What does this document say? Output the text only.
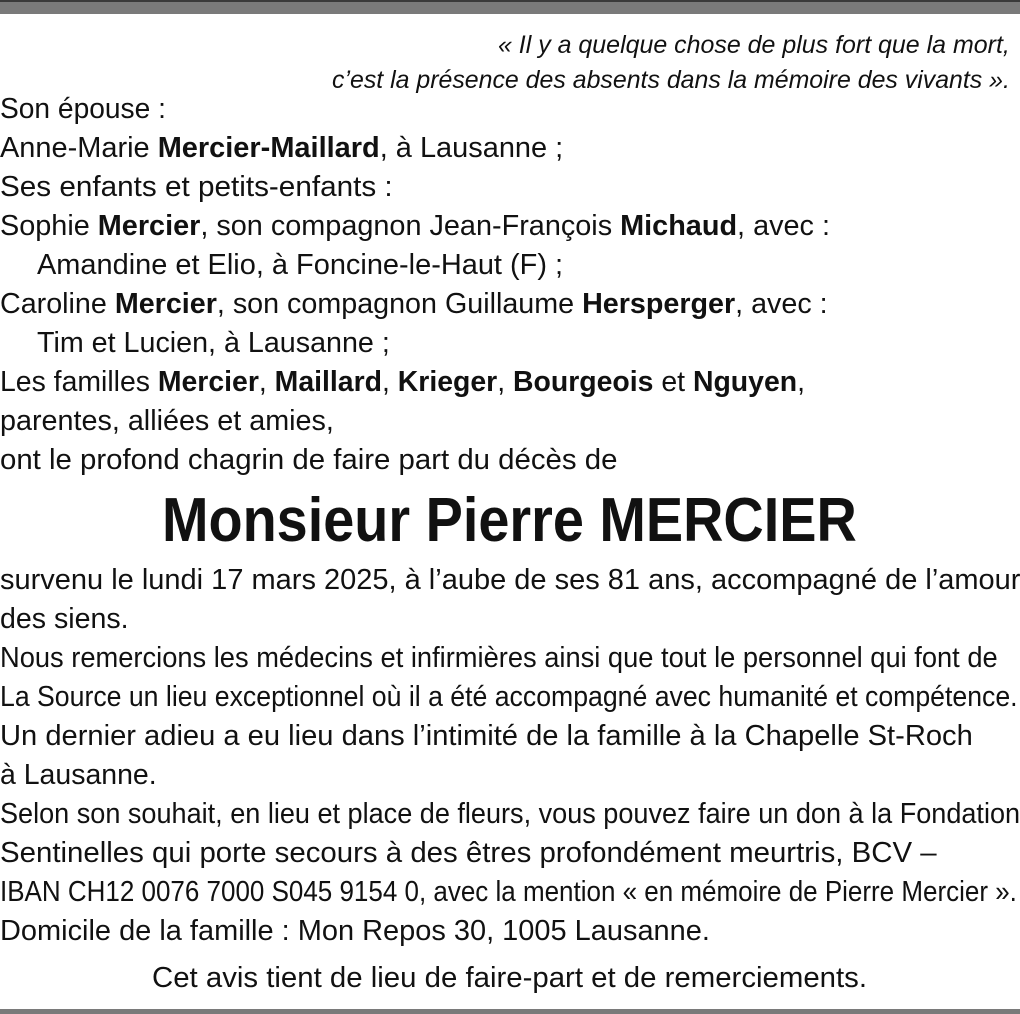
« Il y a quelque chose de plus fort que la mort,
c’est la présence des absents dans la mémoire des vivants ».
Son épouse :
Anne-Marie Mercier-Maillard, à Lausanne ;
Ses enfants et petits-enfants :
Sophie Mercier, son compagnon Jean-François Michaud, avec :
Amandine et Elio, à Foncine-le-Haut (F) ;
Caroline Mercier, son compagnon Guillaume Hersperger, avec :
Tim et Lucien, à Lausanne ;
Les familles Mercier, Maillard, Krieger, Bourgeois et Nguyen,
parentes, alliées et amies,
ont le profond chagrin de faire part du décès de
Monsieur Pierre MERCIER
survenu le lundi 17 mars 2025, à l’aube de ses 81 ans, accompagné de l’amour
des siens.
Nous remercions les médecins et infirmières ainsi que tout le personnel qui font de
La Source un lieu exceptionnel où il a été accompagné avec humanité et compétence.
Un dernier adieu a eu lieu dans l’intimité de la famille à la Chapelle St-Roch
à Lausanne.
Selon son souhait, en lieu et place de fleurs, vous pouvez faire un don à la Fondation
Sentinelles qui porte secours à des êtres profondément meurtris, BCV –
IBAN CH12 0076 7000 S045 9154 0, avec la mention « en mémoire de Pierre Mercier ».
Domicile de la famille : Mon Repos 30, 1005 Lausanne.
Cet avis tient de lieu de faire-part et de remerciements.
